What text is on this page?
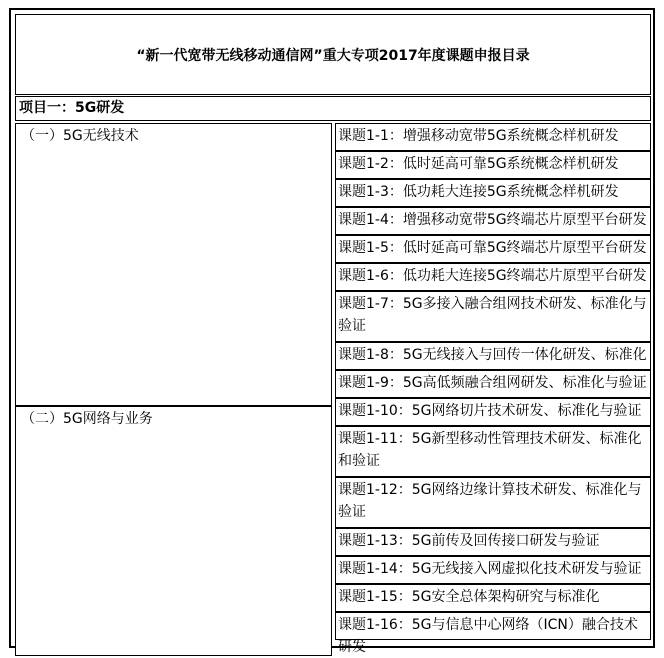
“新一代宽带无线移动通信网”重大专项2017年度课题申报目录
项目一：5G研发
（一）5G无线技术	课题1-1：增强移动宽带5G系统概念样机研发
课题1-2：低时延高可靠5G系统概念样机研发
课题1-3：低功耗大连接5G系统概念样机研发
课题1-4：增强移动宽带5G终端芯片原型平台研发
课题1-5：低时延高可靠5G终端芯片原型平台研发
课题1-6：低功耗大连接5G终端芯片原型平台研发
课题1-7：5G多接入融合组网技术研发、标准化与验证
课题1-8：5G无线接入与回传一体化研发、标准化
课题1-9：5G高低频融合组网研发、标准化与验证
（二）5G网络与业务	课题1-10：5G网络切片技术研发、标准化与验证
课题1-11：5G新型移动性管理技术研发、标准化和验证
课题1-12：5G网络边缘计算技术研发、标准化与验证
课题1-13：5G前传及回传接口研发与验证
课题1-14：5G无线接入网虚拟化技术研发与验证
课题1-15：5G安全总体架构研究与标准化
课题1-16：5G与信息中心网络（ICN）融合技术研发
